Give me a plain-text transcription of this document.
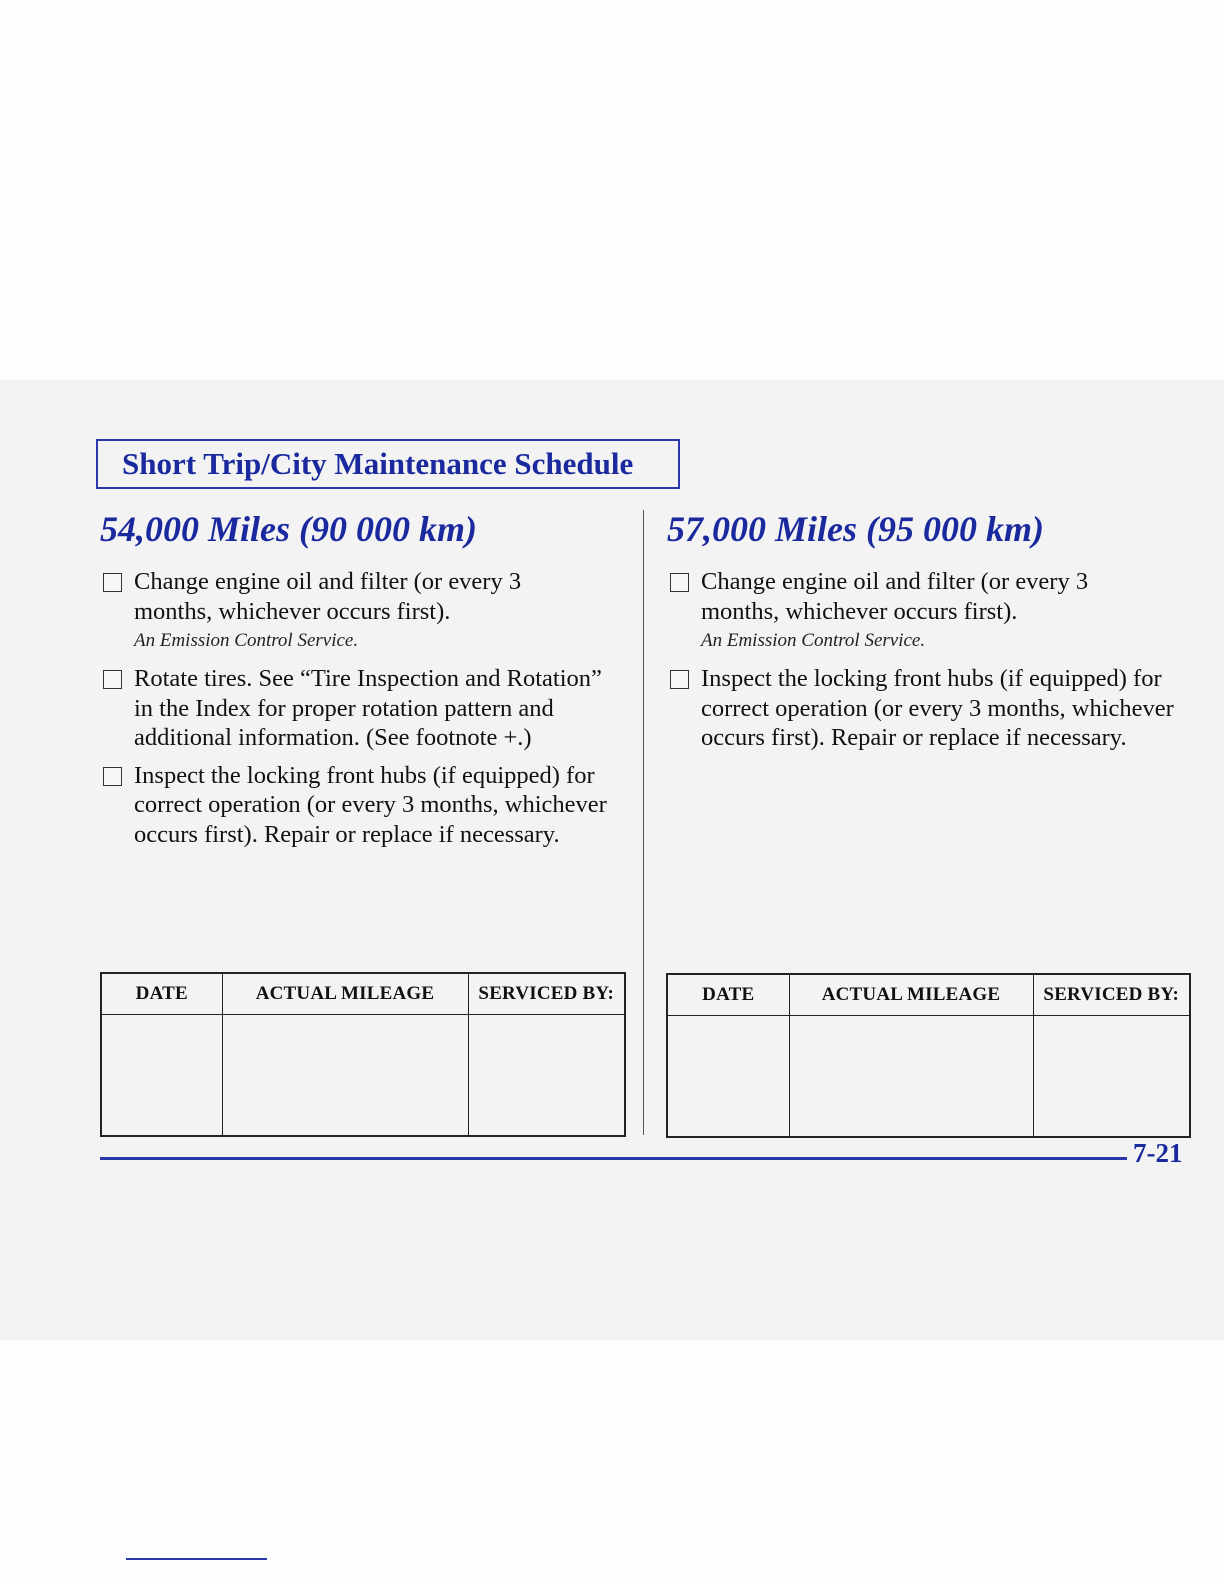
Short Trip/City Maintenance Schedule
54,000 Miles (90 000 km)
Change engine oil and filter (or every 3 months, whichever occurs first).
An Emission Control Service.
Rotate tires. See “Tire Inspection and Rotation” in the Index for proper rotation pattern and additional information. (See footnote +.)
Inspect the locking front hubs (if equipped) for correct operation (or every 3 months, whichever occurs first). Repair or replace if necessary.
57,000 Miles (95 000 km)
Change engine oil and filter (or every 3 months, whichever occurs first).
An Emission Control Service.
Inspect the locking front hubs (if equipped) for correct operation (or every 3 months, whichever occurs first). Repair or replace if necessary.
DATE	ACTUAL MILEAGE	SERVICED BY:
			DATE	ACTUAL MILEAGE	SERVICED BY:

7-21
